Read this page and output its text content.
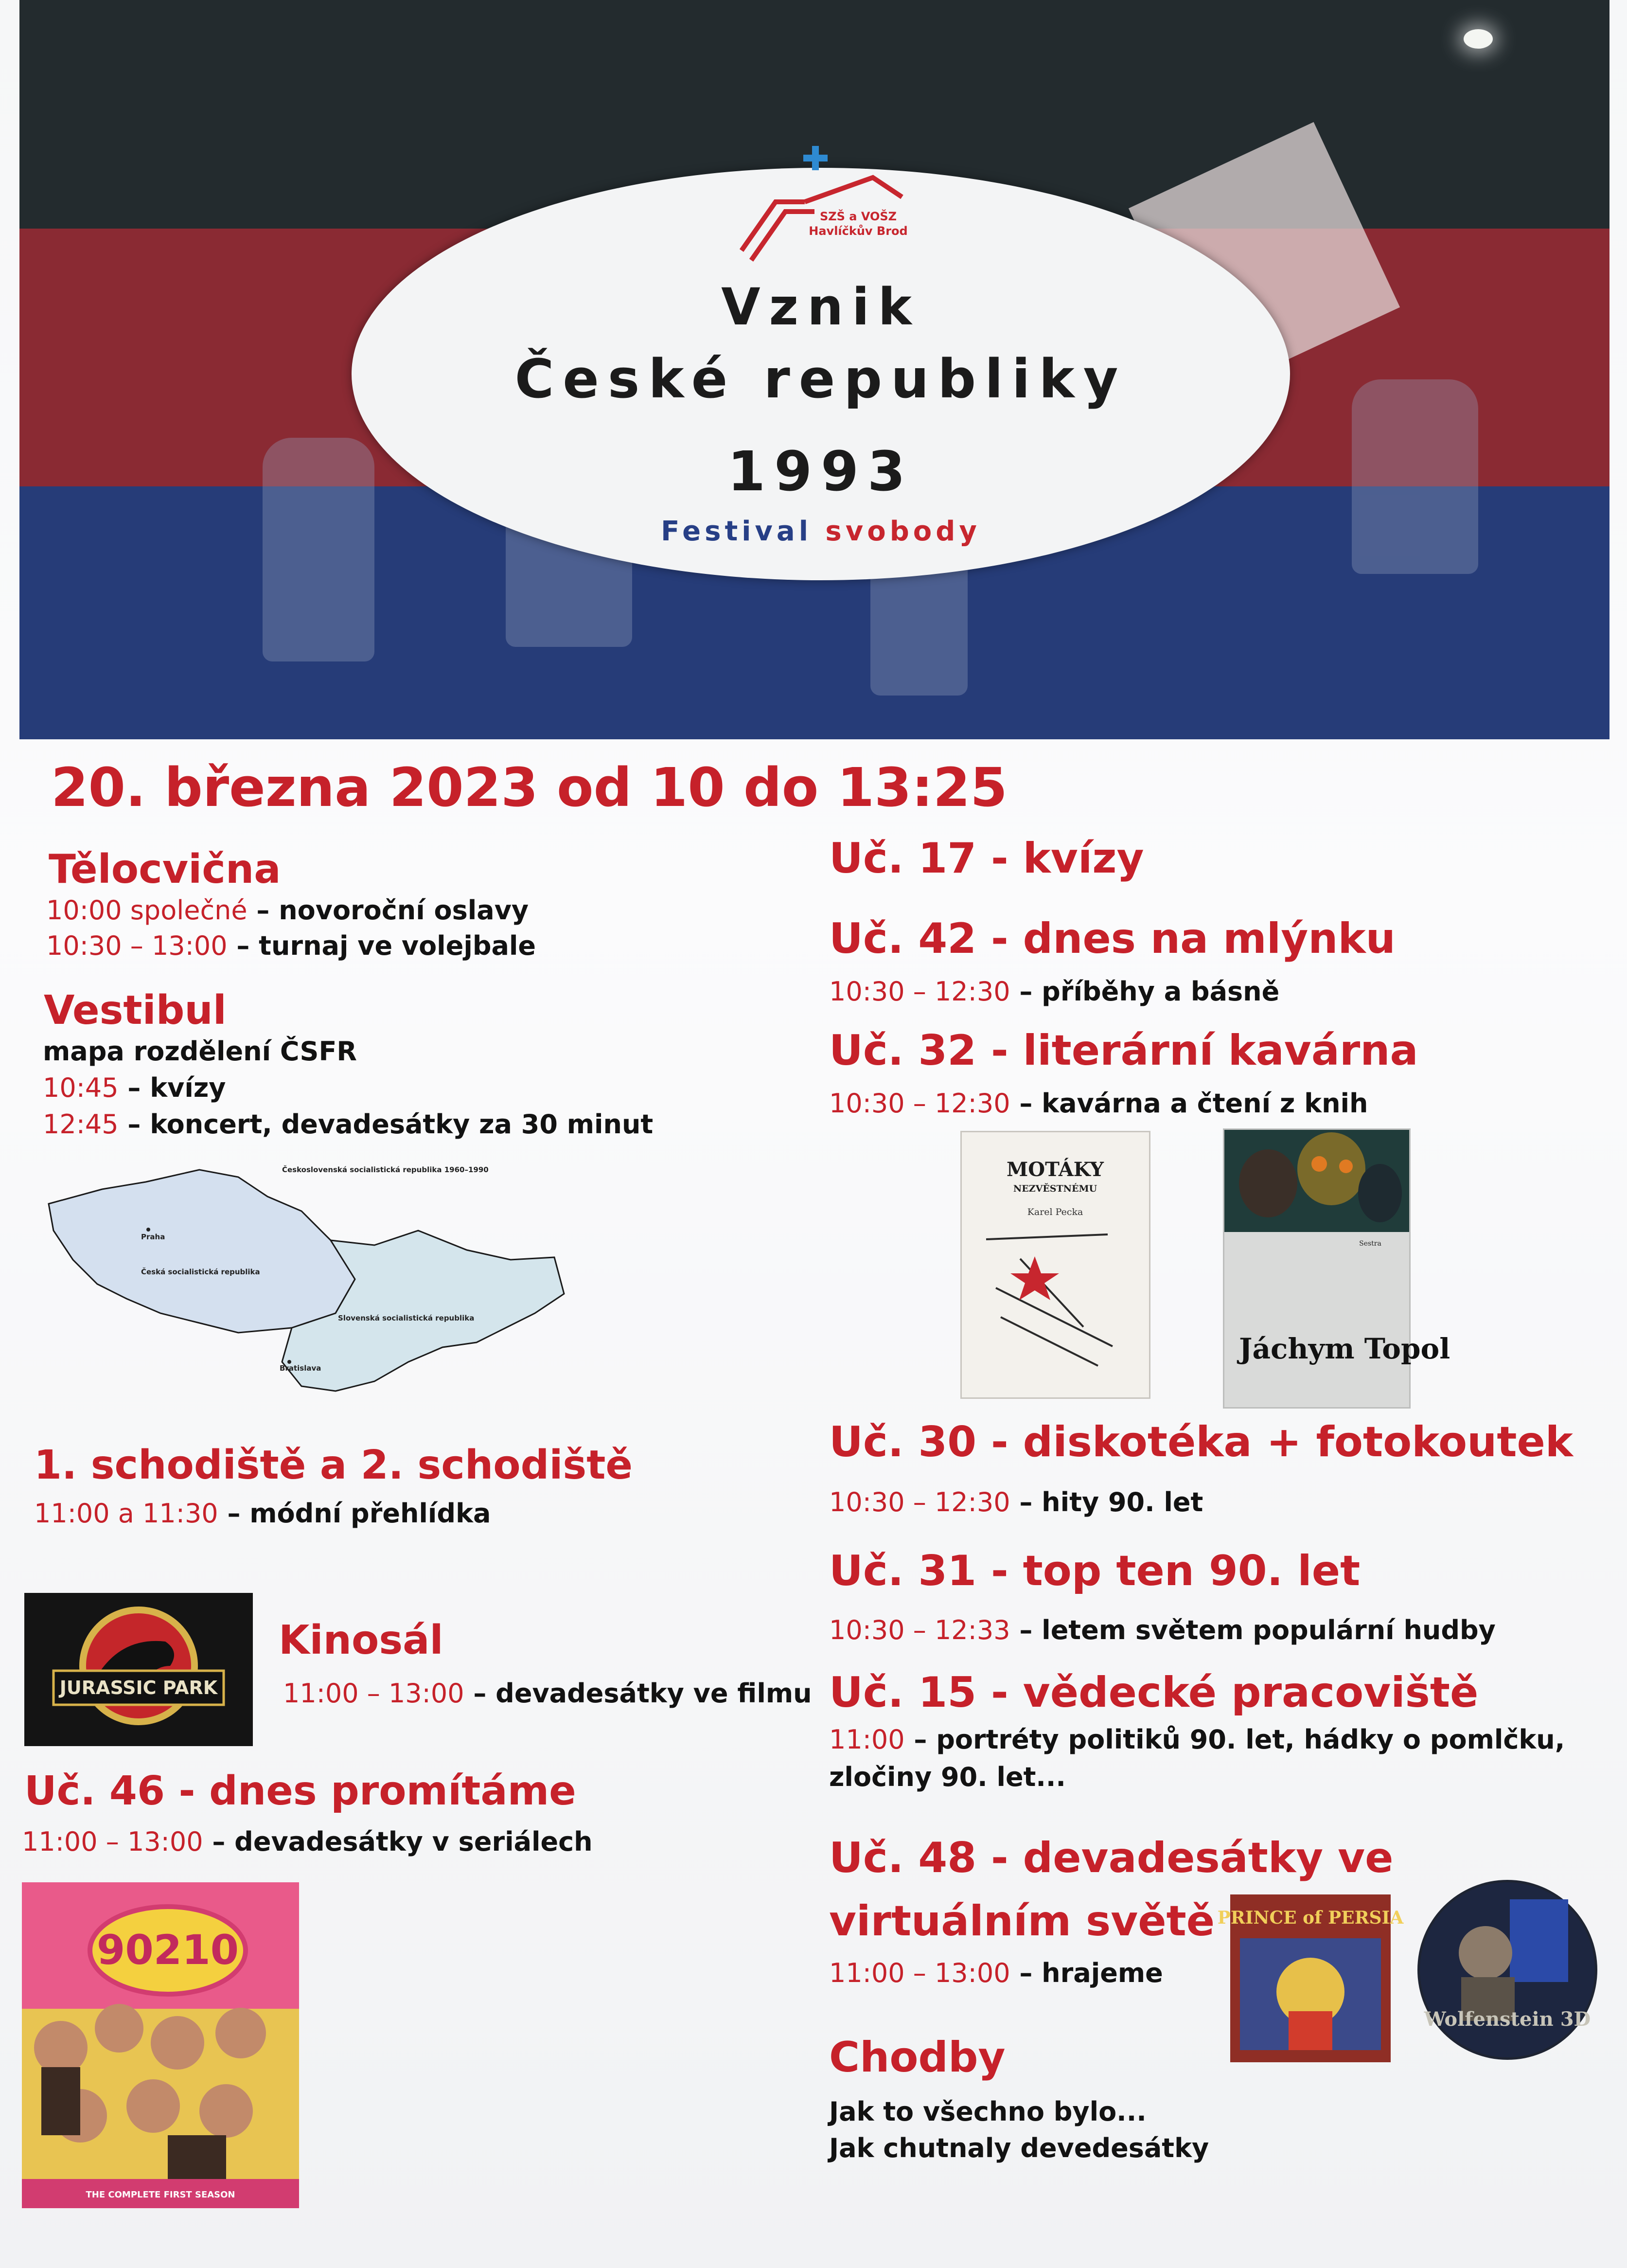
SZŠ a VOŠZ
Havlíčkův Brod
Vznik
České republiky
1993
Festival svobody
20. března 2023 od 10 do 13:25
Tělocvična
10:00 společné – novoroční oslavy
10:30 – 13:00 – turnaj ve volejbale
Vestibul
mapa rozdělení ČSFR
10:45 – kvízy
12:45 – koncert, devadesátky za 30 minut
Československá socialistická republika 1960–1990
Praha
Česká socialistická republika
Slovenská socialistická republika
Bratislava
1. schodiště a 2. schodiště
11:00 a 11:30 – módní přehlídka
JURASSIC PARK
Kinosál
11:00 – 13:00 – devadesátky ve filmu
Uč. 46 - dnes promítáme
11:00 – 13:00 – devadesátky v seriálech
90210
THE COMPLETE FIRST SEASON
Uč. 17 - kvízy
Uč. 42 - dnes na mlýnku
10:30 – 12:30 – příběhy a básně
Uč. 32 - literární kavárna
10:30 – 12:30 – kavárna a čtení z knih
MOTÁKY
NEZVĚSTNÉMU
Karel Pecka
Sestra
Jáchym Topol
Uč. 30 - diskotéka + fotokoutek
10:30 – 12:30 – hity 90. let
Uč. 31 - top ten 90. let
10:30 – 12:33 – letem světem populární hudby
Uč. 15 - vědecké pracoviště
11:00 – portréty politiků 90. let, hádky o pomlčku,
zločiny 90. let...
Uč. 48 - devadesátky ve
virtuálním světě
11:00 – 13:00 – hrajeme
PRINCE of PERSIA
Wolfenstein 3D
Chodby
Jak to všechno bylo...
Jak chutnaly devedesátky
